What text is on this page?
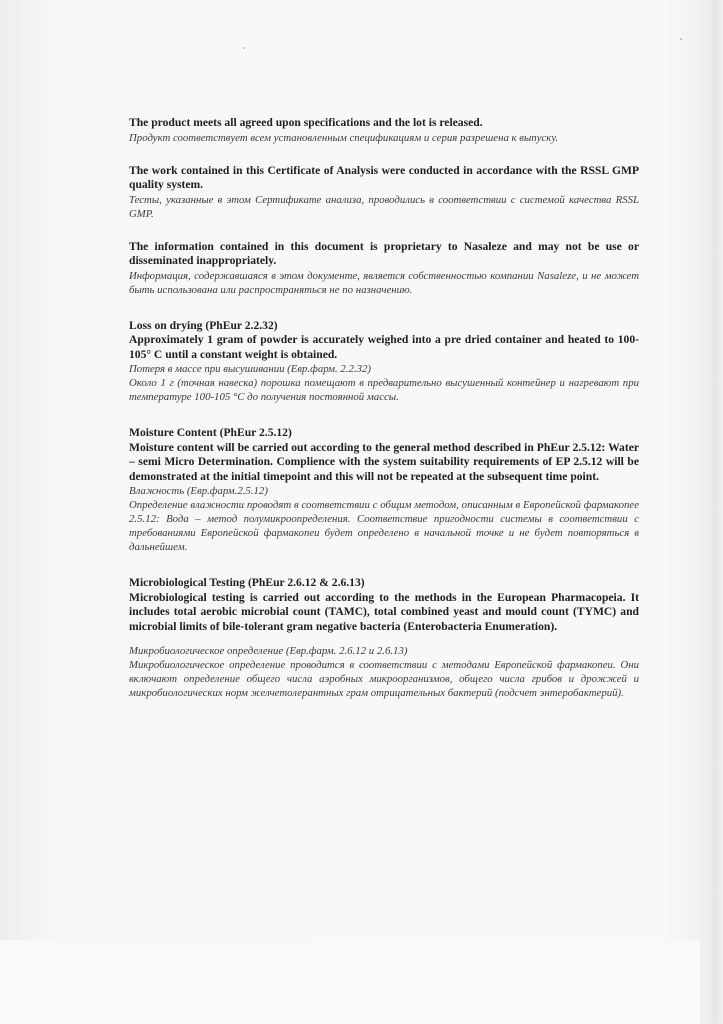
The product meets all agreed upon specifications and the lot is released.

Продукт соответствует всем установленным спецификациям и серия разрешена к выпуску.

The work contained in this Certificate of Analysis were conducted in accordance with the RSSL GMP quality system.

Тесты, указанные в этом Сертификате анализа, проводились в соответствии с системой качества RSSL GMP.

The information contained in this document is proprietary to Nasaleze and may not be use or disseminated inappropriately.

Информация, содержавшаяся в этом документе, является собственностью компании Nasaleze, и не может быть использована или распространяться не по назначению.

Loss on drying (PhEur 2.2.32)

Approximately 1 gram of powder is accurately weighed into a pre dried container and heated to 100-105° C until a constant weight is obtained.

Потеря в массе при высушивании (Евр.фарм. 2.2.32)

Около 1 г (точная навеска) порошка помещают в предварительно высушенный контейнер и нагревают при температуре 100-105 °C до получения постоянной массы.

Moisture Content (PhEur 2.5.12)

Moisture content will be carried out according to the general method described in PhEur 2.5.12: Water – semi Micro Determination. Complience with the system suitability requirements of EP 2.5.12 will be demonstrated at the initial timepoint and this will not be repeated at the subsequent time point.

Влажность (Евр.фарм.2.5.12)

Определение влажности проводят в соответствии с общим методом, описанным в Европейской фармакопее 2.5.12: Вода – метод полумикроопределения. Соответствие пригодности системы в соответствии с требованиями Европейской фармакопеи будет определено в начальной точке и не будет повторяться в дальнейшем.

Microbiological Testing (PhEur 2.6.12 & 2.6.13)

Microbiological testing is carried out according to the methods in the European Pharmacopeia. It includes total aerobic microbial count (TAMC), total combined yeast and mould count (TYMC) and microbial limits of bile-tolerant gram negative bacteria (Enterobacteria Enumeration).

Микробиологическое определение (Евр.фарм. 2.6.12 и 2.6.13)

Микробиологическое определение проводится в соответствии с методами Европейской фармакопеи. Они включают определение общего числа аэробных микроорганизмов, общего числа грибов и дрожжей и микробиологических норм желчетолерантных грам отрицательных бактерий (подсчет энтеробактерий).
